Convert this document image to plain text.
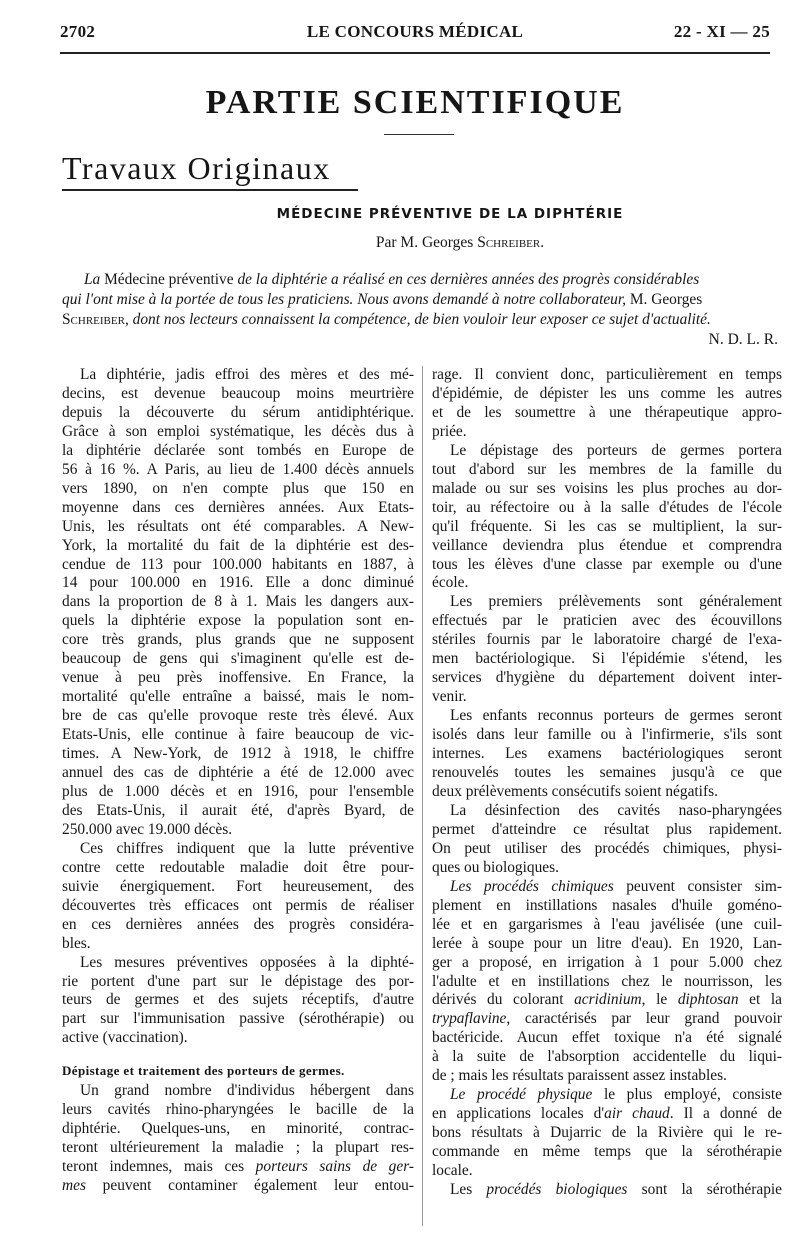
2702	LE CONCOURS MÉDICAL	22 - XI — 25
PARTIE SCIENTIFIQUE
Travaux Originaux
MÉDECINE PRÉVENTIVE DE LA DIPHTÉRIE
Par M. Georges Schreiber.
La Médecine préventive de la diphtérie a réalisé en ces dernières années des progrès considérables
qui l'ont mise à la portée de tous les praticiens. Nous avons demandé à notre collaborateur, M. Georges
Schreiber, dont nos lecteurs connaissent la compétence, de bien vouloir leur exposer ce sujet d'actualité.
N. D. L. R.
La diphtérie, jadis effroi des mères et des mé-
decins, est devenue beaucoup moins meurtrière
depuis la découverte du sérum antidiphtérique.
Grâce à son emploi systématique, les décès dus à
la diphtérie déclarée sont tombés en Europe de
56 à 16 %. A Paris, au lieu de 1.400 décès annuels
vers 1890, on n'en compte plus que 150 en
moyenne dans ces dernières années. Aux Etats-
Unis, les résultats ont été comparables. A New-
York, la mortalité du fait de la diphtérie est des-
cendue de 113 pour 100.000 habitants en 1887, à
14 pour 100.000 en 1916. Elle a donc diminué
dans la proportion de 8 à 1. Mais les dangers aux-
quels la diphtérie expose la population sont en-
core très grands, plus grands que ne supposent
beaucoup de gens qui s'imaginent qu'elle est de-
venue à peu près inoffensive. En France, la
mortalité qu'elle entraîne a baissé, mais le nom-
bre de cas qu'elle provoque reste très élevé. Aux
Etats-Unis, elle continue à faire beaucoup de vic-
times. A New-York, de 1912 à 1918, le chiffre
annuel des cas de diphtérie a été de 12.000 avec
plus de 1.000 décès et en 1916, pour l'ensemble
des Etats-Unis, il aurait été, d'après Byard, de
250.000 avec 19.000 décès.
Ces chiffres indiquent que la lutte préventive
contre cette redoutable maladie doit être pour-
suivie énergiquement. Fort heureusement, des
découvertes très efficaces ont permis de réaliser
en ces dernières années des progrès considéra-
bles.
Les mesures préventives opposées à la diphté-
rie portent d'une part sur le dépistage des por-
teurs de germes et des sujets réceptifs, d'autre
part sur l'immunisation passive (sérothérapie) ou
active (vaccination).
Dépistage et traitement des porteurs de germes.
Un grand nombre d'individus hébergent dans
leurs cavités rhino-pharyngées le bacille de la
diphtérie. Quelques-uns, en minorité, contrac-
teront ultérieurement la maladie ; la plupart res-
teront indemnes, mais ces porteurs sains de ger-
mes peuvent contaminer également leur entou-
rage. Il convient donc, particulièrement en temps
d'épidémie, de dépister les uns comme les autres
et de les soumettre à une thérapeutique appro-
priée.
Le dépistage des porteurs de germes portera
tout d'abord sur les membres de la famille du
malade ou sur ses voisins les plus proches au dor-
toir, au réfectoire ou à la salle d'études de l'école
qu'il fréquente. Si les cas se multiplient, la sur-
veillance deviendra plus étendue et comprendra
tous les élèves d'une classe par exemple ou d'une
école.
Les premiers prélèvements sont généralement
effectués par le praticien avec des écouvillons
stériles fournis par le laboratoire chargé de l'exa-
men bactériologique. Si l'épidémie s'étend, les
services d'hygiène du département doivent inter-
venir.
Les enfants reconnus porteurs de germes seront
isolés dans leur famille ou à l'infirmerie, s'ils sont
internes. Les examens bactériologiques seront
renouvelés toutes les semaines jusqu'à ce que
deux prélèvements consécutifs soient négatifs.
La désinfection des cavités naso-pharyngées
permet d'atteindre ce résultat plus rapidement.
On peut utiliser des procédés chimiques, physi-
ques ou biologiques.
Les procédés chimiques peuvent consister sim-
plement en instillations nasales d'huile goméno-
lée et en gargarismes à l'eau javélisée (une cuil-
lerée à soupe pour un litre d'eau). En 1920, Lan-
ger a proposé, en irrigation à 1 pour 5.000 chez
l'adulte et en instillations chez le nourrisson, les
dérivés du colorant acridinium, le diphtosan et la
trypaflavine, caractérisés par leur grand pouvoir
bactéricide. Aucun effet toxique n'a été signalé
à la suite de l'absorption accidentelle du liqui-
de ; mais les résultats paraissent assez instables.
Le procédé physique le plus employé, consiste
en applications locales d'air chaud. Il a donné de
bons résultats à Dujarric de la Rivière qui le re-
commande en même temps que la sérothérapie
locale.
Les procédés biologiques sont la sérothérapie
